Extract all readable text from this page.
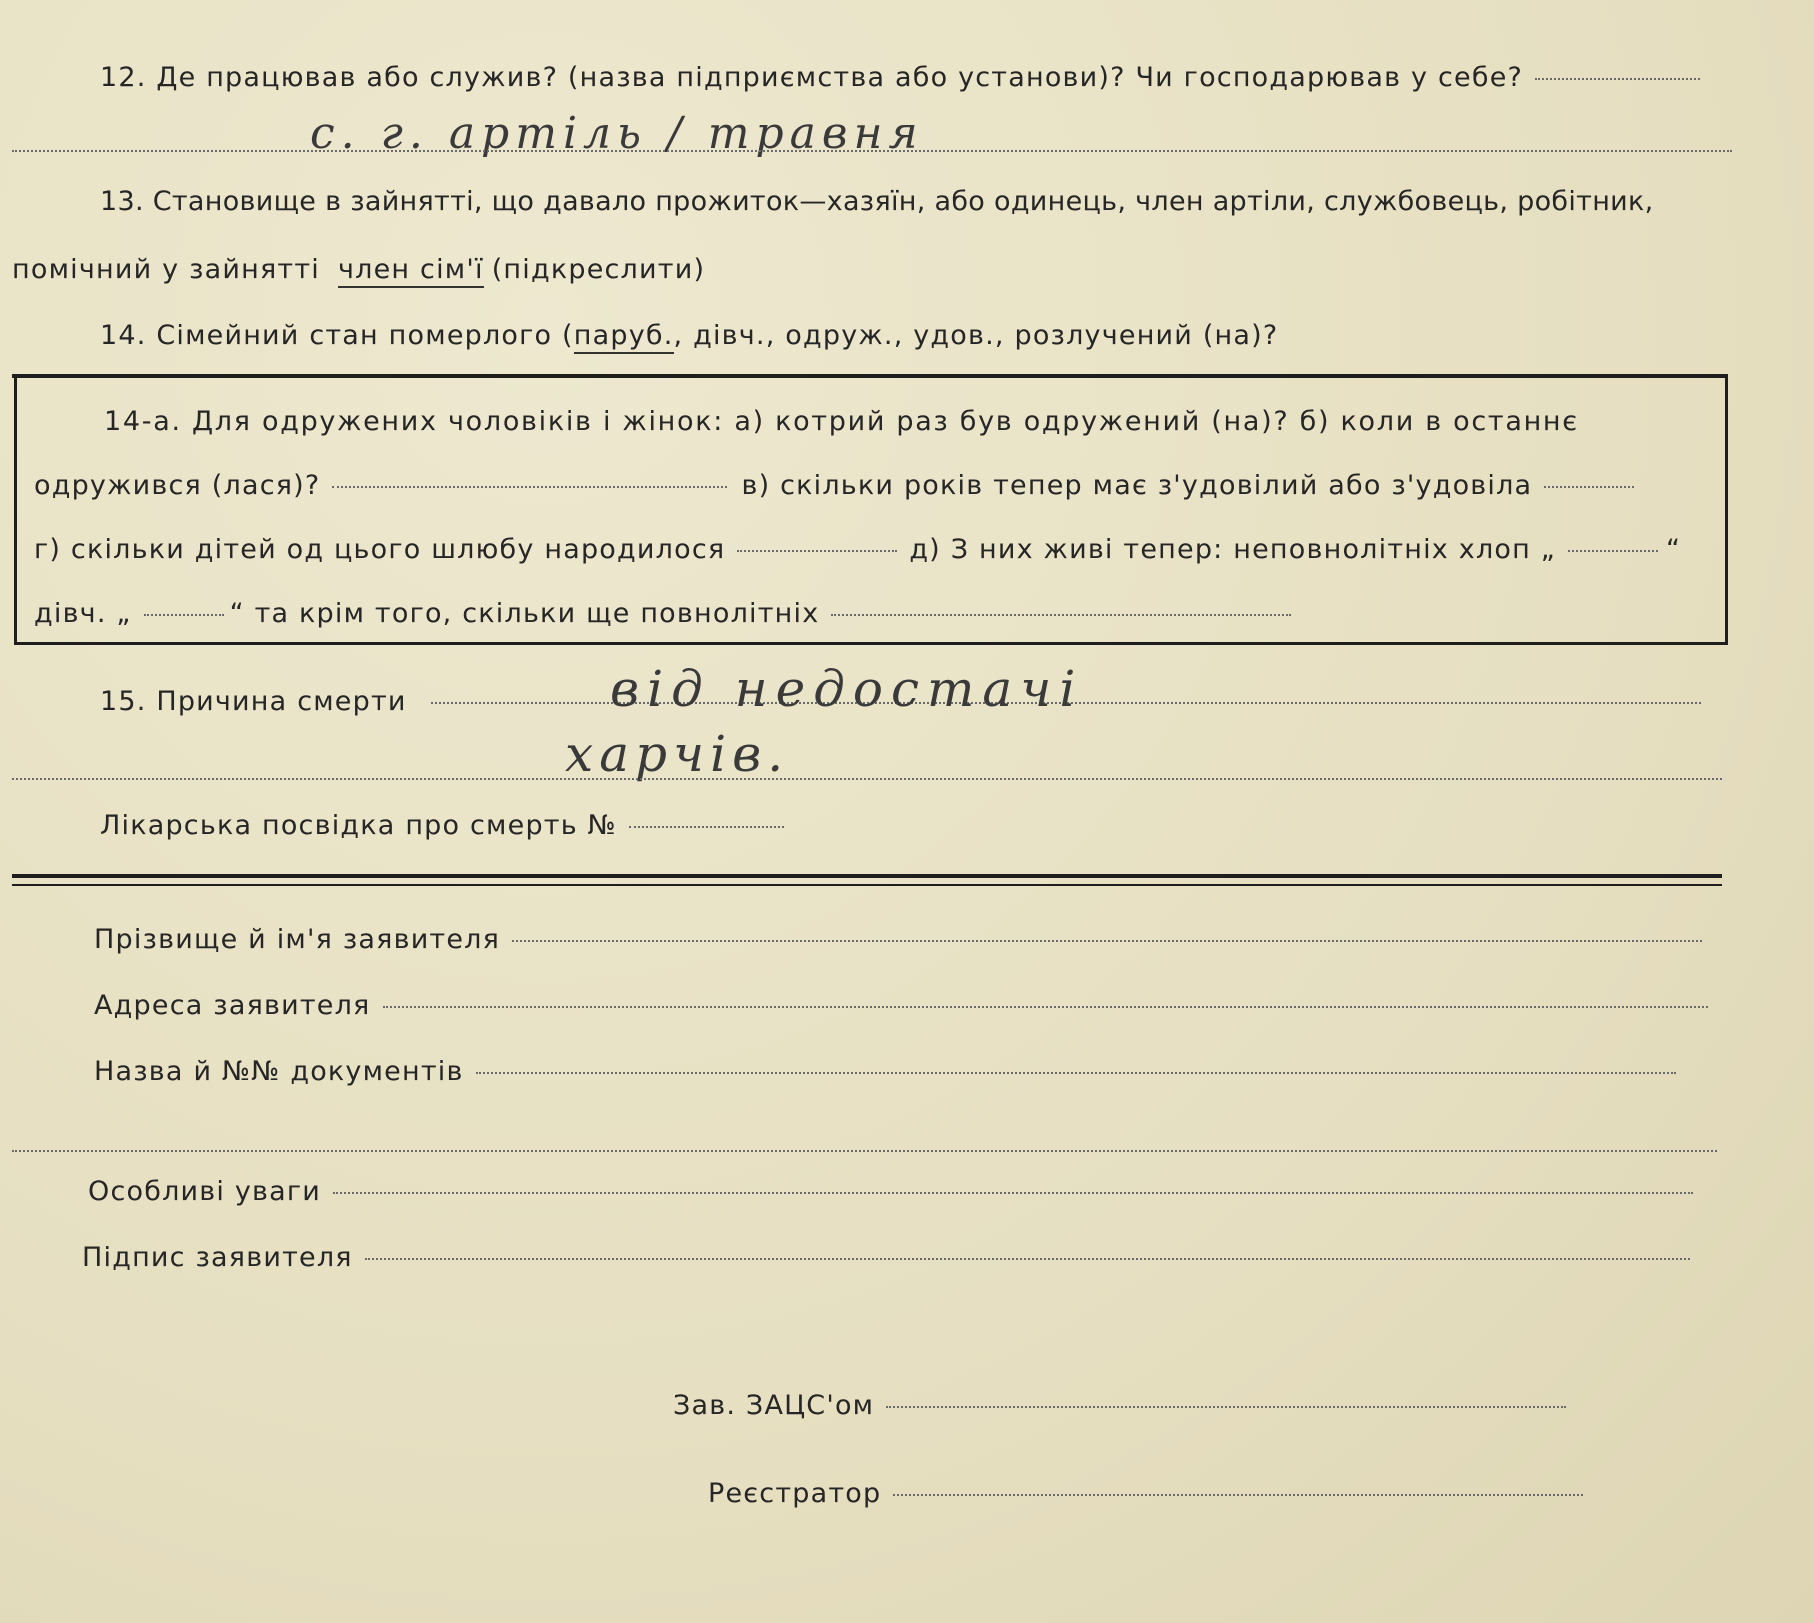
12. Де працював або служив? (назва підприємства або установи)? Чи господарював у себе?
с. г. артіль / травня
13. Становище в зайнятті, що давало прожиток—хазяїн, або одинець, член артіли, службовець, робітник,
помічний у зайнятті член сім'ї (підкреслити)
14. Сімейний стан померлого ( паруб. , дівч., одруж., удов., розлучений (на)?
14-а. Для одружених чоловіків і жінок: а) котрий раз був одружений (на)? б) коли в останнє
одружився (лася)?	в) скільки років тепер має з'удовілий або з'удовіла
г) скільки дітей од цього шлюбу народилося	д) З них живі тепер: неповнолітніх хлоп „	“
дівч. „	“ та крім того, скільки ще повнолітніх
15. Причина смерти	від недостачі
харчів.
Лікарська посвідка про смерть №
Прізвище й ім'я заявителя
Адреса заявителя
Назва й №№ документів
Особливі уваги
Підпис заявителя
Зав. ЗАЦС'ом
Реєстратор
